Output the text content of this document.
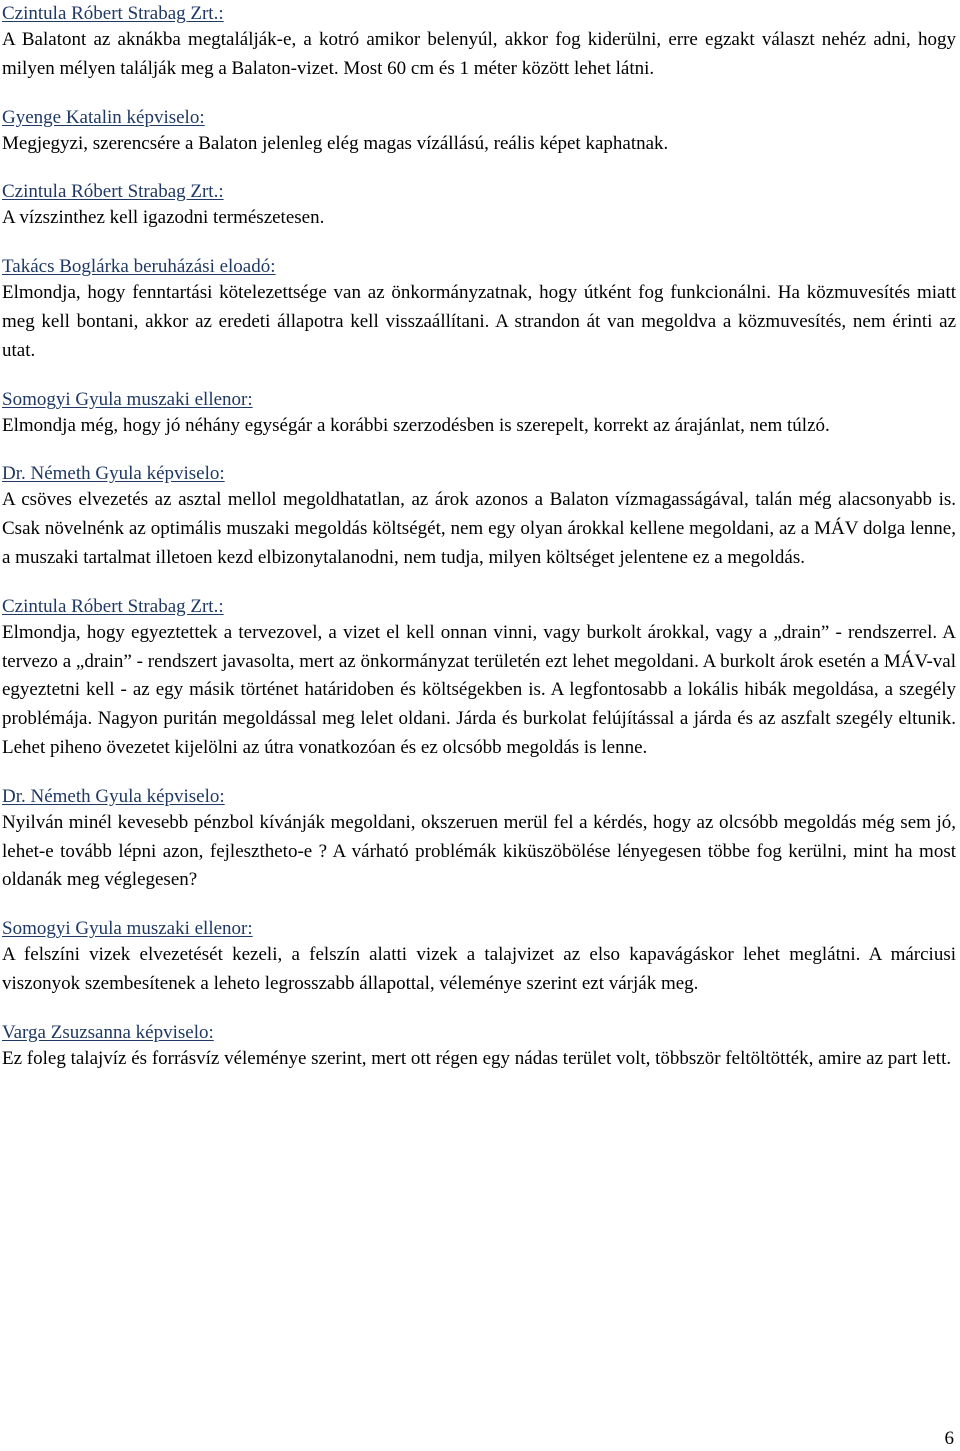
Czintula Róbert Strabag Zrt.:

A Balatont az aknákba megtalálják-e, a kotró amikor belenyúl, akkor fog kiderülni, erre egzakt választ nehéz adni, hogy milyen mélyen találják meg a Balaton-vizet. Most 60 cm és 1 méter között lehet látni.

Gyenge Katalin képviselo:

Megjegyzi, szerencsére a Balaton jelenleg elég magas vízállású, reális képet kaphatnak.

Czintula Róbert Strabag Zrt.:

A vízszinthez kell igazodni természetesen.

Takács Boglárka beruházási eloadó:

Elmondja, hogy fenntartási kötelezettsége van az önkormányzatnak, hogy útként fog funkcionálni. Ha közmuvesítés miatt meg kell bontani, akkor az eredeti állapotra kell visszaállítani. A strandon át van megoldva a közmuvesítés, nem érinti az utat.

Somogyi Gyula muszaki ellenor:

Elmondja még, hogy jó néhány egységár a korábbi szerzodésben is szerepelt, korrekt az árajánlat, nem túlzó.

Dr. Németh Gyula képviselo:

A csöves elvezetés az asztal mellol megoldhatatlan, az árok azonos a Balaton vízmagasságával, talán még alacsonyabb is. Csak növelnénk az optimális muszaki megoldás költségét, nem egy olyan árokkal kellene megoldani, az a MÁV dolga lenne, a muszaki tartalmat illetoen kezd elbizonytalanodni, nem tudja, milyen költséget jelentene ez a megoldás.

Czintula Róbert Strabag Zrt.:

Elmondja, hogy egyeztettek a tervezovel, a vizet el kell onnan vinni, vagy burkolt árokkal, vagy a „drain” - rendszerrel. A tervezo a „drain” - rendszert javasolta, mert az önkormányzat területén ezt lehet megoldani. A burkolt árok esetén a MÁV-val egyeztetni kell - az egy másik történet határidoben és költségekben is. A legfontosabb a lokális hibák megoldása, a szegély problémája. Nagyon puritán megoldással meg lelet oldani. Járda és burkolat felújítással a járda és az aszfalt szegély eltunik. Lehet piheno övezetet kijelölni az útra vonatkozóan és ez olcsóbb megoldás is lenne.

Dr. Németh Gyula képviselo:

Nyilván minél kevesebb pénzbol kívánják megoldani, okszeruen merül fel a kérdés, hogy az olcsóbb megoldás még sem jó, lehet-e tovább lépni azon, fejlesztheto-e ? A várható problémák kiküszöbölése lényegesen többe fog kerülni, mint ha most oldanák meg véglegesen?

Somogyi Gyula muszaki ellenor:

A felszíni vizek elvezetését kezeli, a felszín alatti vizek a talajvizet az elso kapavágáskor lehet meglátni. A márciusi viszonyok szembesítenek a leheto legrosszabb állapottal, véleménye szerint ezt várják meg.

Varga Zsuzsanna képviselo:

Ez foleg talajvíz és forrásvíz véleménye szerint, mert ott régen egy nádas terület volt, többször feltöltötték, amire az part lett.

6
